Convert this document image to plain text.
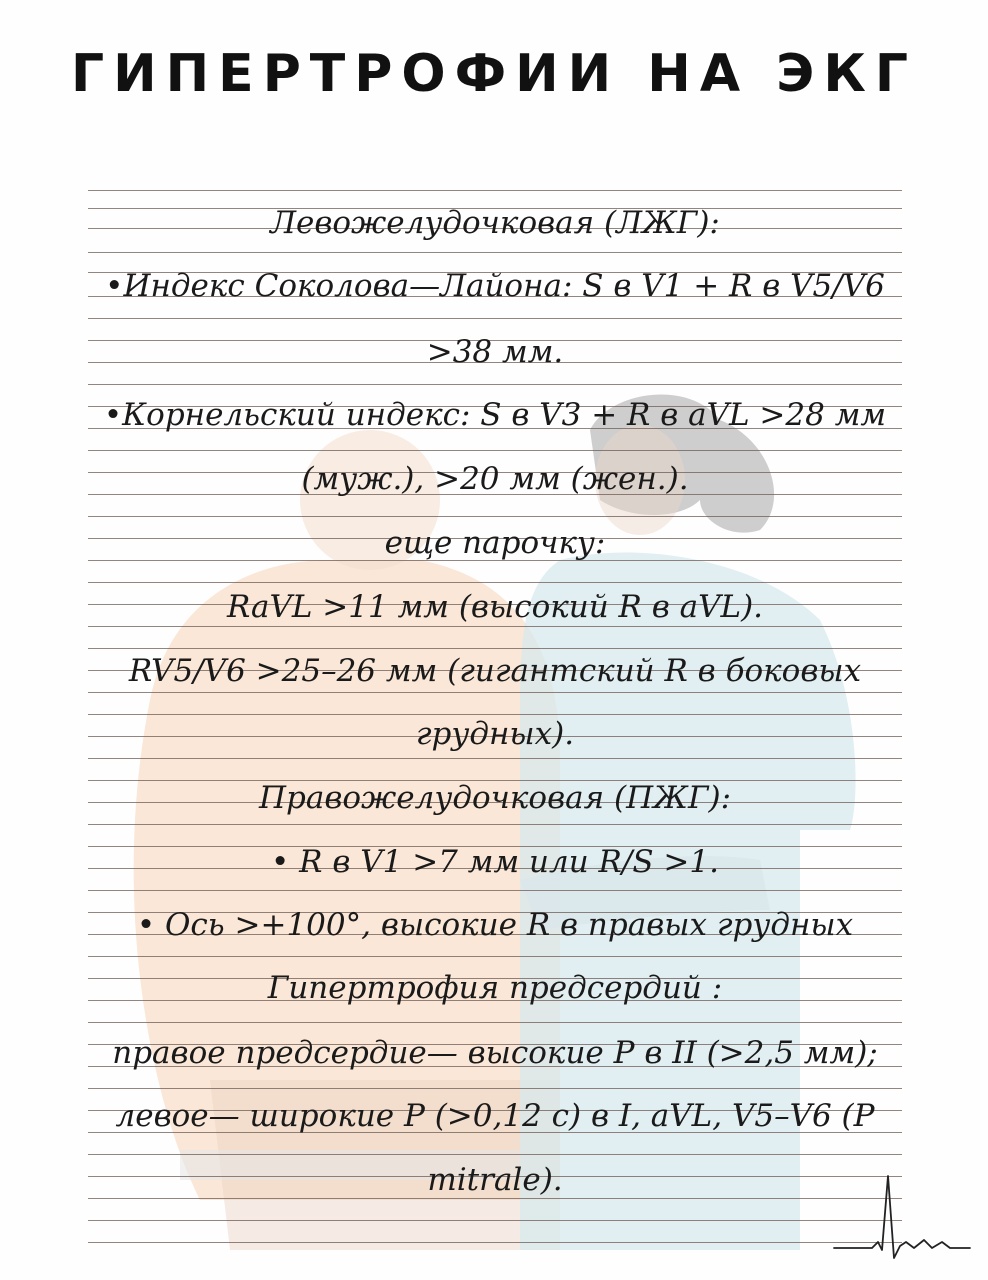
ГИПЕРТРОФИИ НА ЭКГ
Левожелудочковая (ЛЖГ):
•Индекс Соколова—Лайона: S в V1 + R в V5/V6
>38 мм.
•Корнельский индекс: S в V3 + R в aVL >28 мм
(муж.), >20 мм (жен.).
еще парочку:
RaVL >11 мм (высокий R в aVL).
RV5/V6 >25–26 мм (гигантский R в боковых
грудных).
Правожелудочковая (ПЖГ):
• R в V1 >7 мм или R/S >1.
• Ось >+100°, высокие R в правых грудных
Гипертрофия предсердий :
правое предсердие— высокие P в II (>2,5 мм);
левое— широкие P (>0,12 с) в I, aVL, V5–V6 (P
mitrale).
